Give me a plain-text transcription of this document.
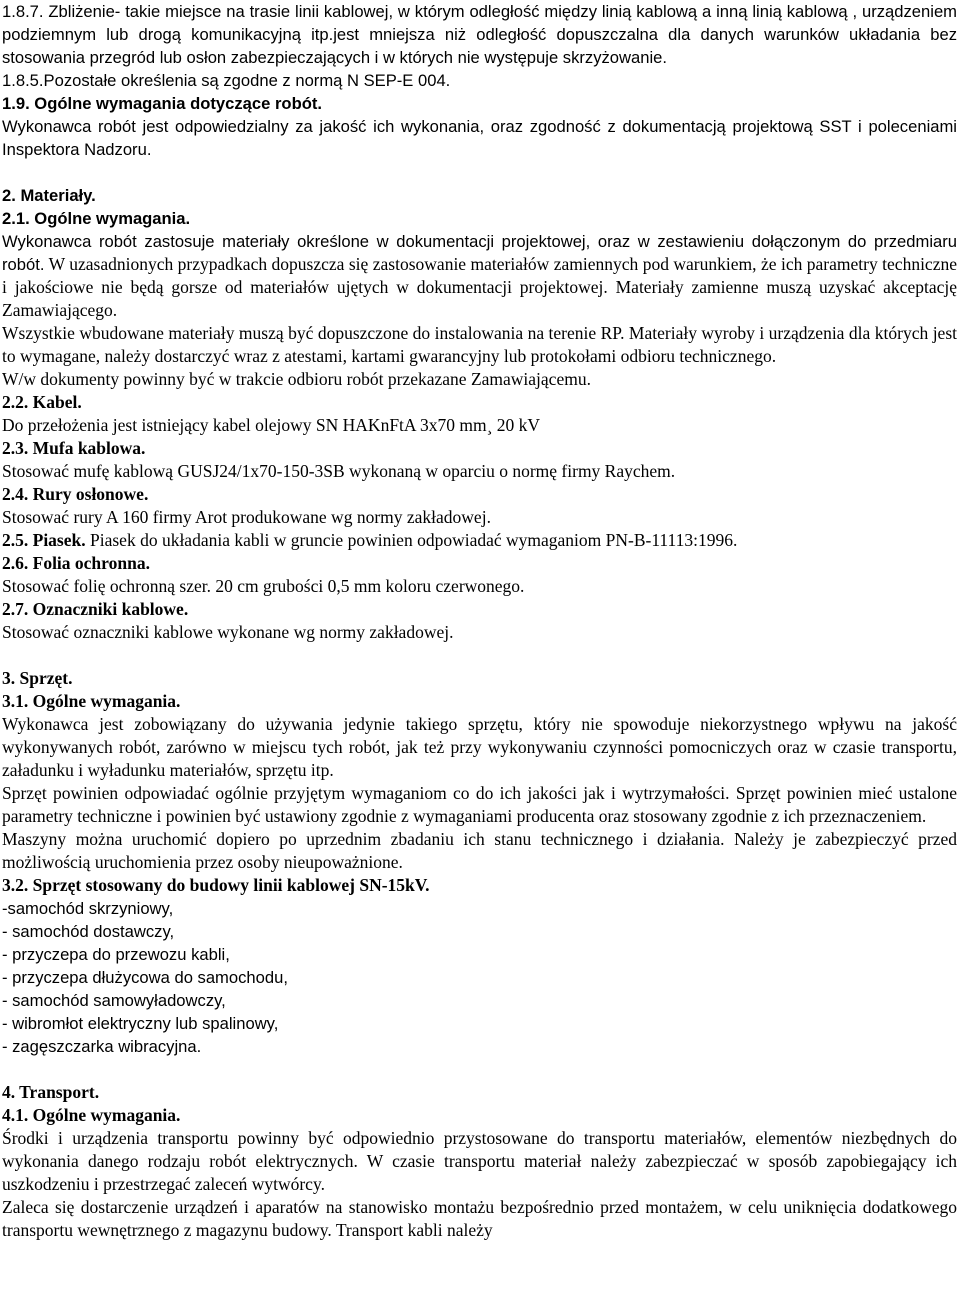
1.8.7. Zbliżenie- takie miejsce na trasie linii kablowej, w którym odległość między linią kablową a inną linią kablową , urządzeniem podziemnym lub drogą komunikacyjną itp.jest mniejsza niż odległość dopuszczalna dla danych warunków układania bez stosowania przegród lub osłon zabezpieczających i w których nie występuje skrzyżowanie.

1.8.5.Pozostałe określenia są zgodne z normą N SEP-E 004.

1.9. Ogólne wymagania dotyczące robót.

Wykonawca robót jest odpowiedzialny za jakość ich wykonania, oraz zgodność z dokumentacją projektową SST i poleceniami Inspektora Nadzoru.

2. Materiały.
2.1. Ogólne wymagania.

Wykonawca robót zastosuje materiały określone w dokumentacji projektowej, oraz w zestawieniu dołączonym do przedmiaru robót. W uzasadnionych przypadkach dopuszcza się zastosowanie materiałów zamiennych pod warunkiem, że ich parametry techniczne i jakościowe nie będą gorsze od materiałów ujętych w dokumentacji projektowej. Materiały zamienne muszą uzyskać akceptację Zamawiającego.

Wszystkie wbudowane materiały muszą być dopuszczone do instalowania na terenie RP. Materiały wyroby i urządzenia dla których jest to wymagane, należy dostarczyć wraz z atestami, kartami gwarancyjny lub protokołami odbioru technicznego.

W/w dokumenty powinny być w trakcie odbioru robót przekazane Zamawiającemu.

2.2. Kabel.

Do przełożenia jest istniejący kabel olejowy SN HAKnFtA 3x70 mm¸ 20 kV

2.3. Mufa kablowa.

Stosować mufę kablową GUSJ24/1x70-150-3SB wykonaną w oparciu o normę firmy Raychem.

2.4. Rury osłonowe.

Stosować rury A 160 firmy Arot produkowane wg normy zakładowej.

2.5. Piasek. Piasek do układania kabli w gruncie powinien odpowiadać wymaganiom PN-B-11113:1996.

2.6. Folia ochronna.

Stosować folię ochronną szer. 20 cm grubości 0,5 mm koloru czerwonego.

2.7. Oznaczniki kablowe.

Stosować oznaczniki kablowe wykonane wg normy zakładowej.

3. Sprzęt.
3.1. Ogólne wymagania.

Wykonawca jest zobowiązany do używania jedynie takiego sprzętu, który nie spowoduje niekorzystnego wpływu na jakość wykonywanych robót, zarówno w miejscu tych robót, jak też przy wykonywaniu czynności pomocniczych oraz w czasie transportu, załadunku i wyładunku materiałów, sprzętu itp.

Sprzęt powinien odpowiadać ogólnie przyjętym wymaganiom co do ich jakości jak i wytrzymałości. Sprzęt powinien mieć ustalone parametry techniczne i powinien być ustawiony zgodnie z wymaganiami producenta oraz stosowany zgodnie z ich przeznaczeniem.

Maszyny można uruchomić dopiero po uprzednim zbadaniu ich stanu technicznego i działania. Należy je zabezpieczyć przed możliwością uruchomienia przez osoby nieupoważnione.

3.2. Sprzęt stosowany do budowy linii kablowej SN-15kV.
-samochód skrzyniowy,
- samochód dostawczy,
- przyczepa do przewozu kabli,
- przyczepa dłużycowa do samochodu,
- samochód samowyładowczy,
- wibromłot elektryczny lub spalinowy,
- zagęszczarka wibracyjna.
4. Transport.
4.1. Ogólne wymagania.

Środki i urządzenia transportu powinny być odpowiednio przystosowane do transportu materiałów, elementów niezbędnych do wykonania danego rodzaju robót elektrycznych. W czasie transportu materiał należy zabezpieczać w sposób zapobiegający ich uszkodzeniu i przestrzegać zaleceń wytwórcy.

Zaleca się dostarczenie urządzeń i aparatów na stanowisko montażu bezpośrednio przed montażem, w celu uniknięcia dodatkowego transportu wewnętrznego z magazynu budowy. Transport kabli należy
